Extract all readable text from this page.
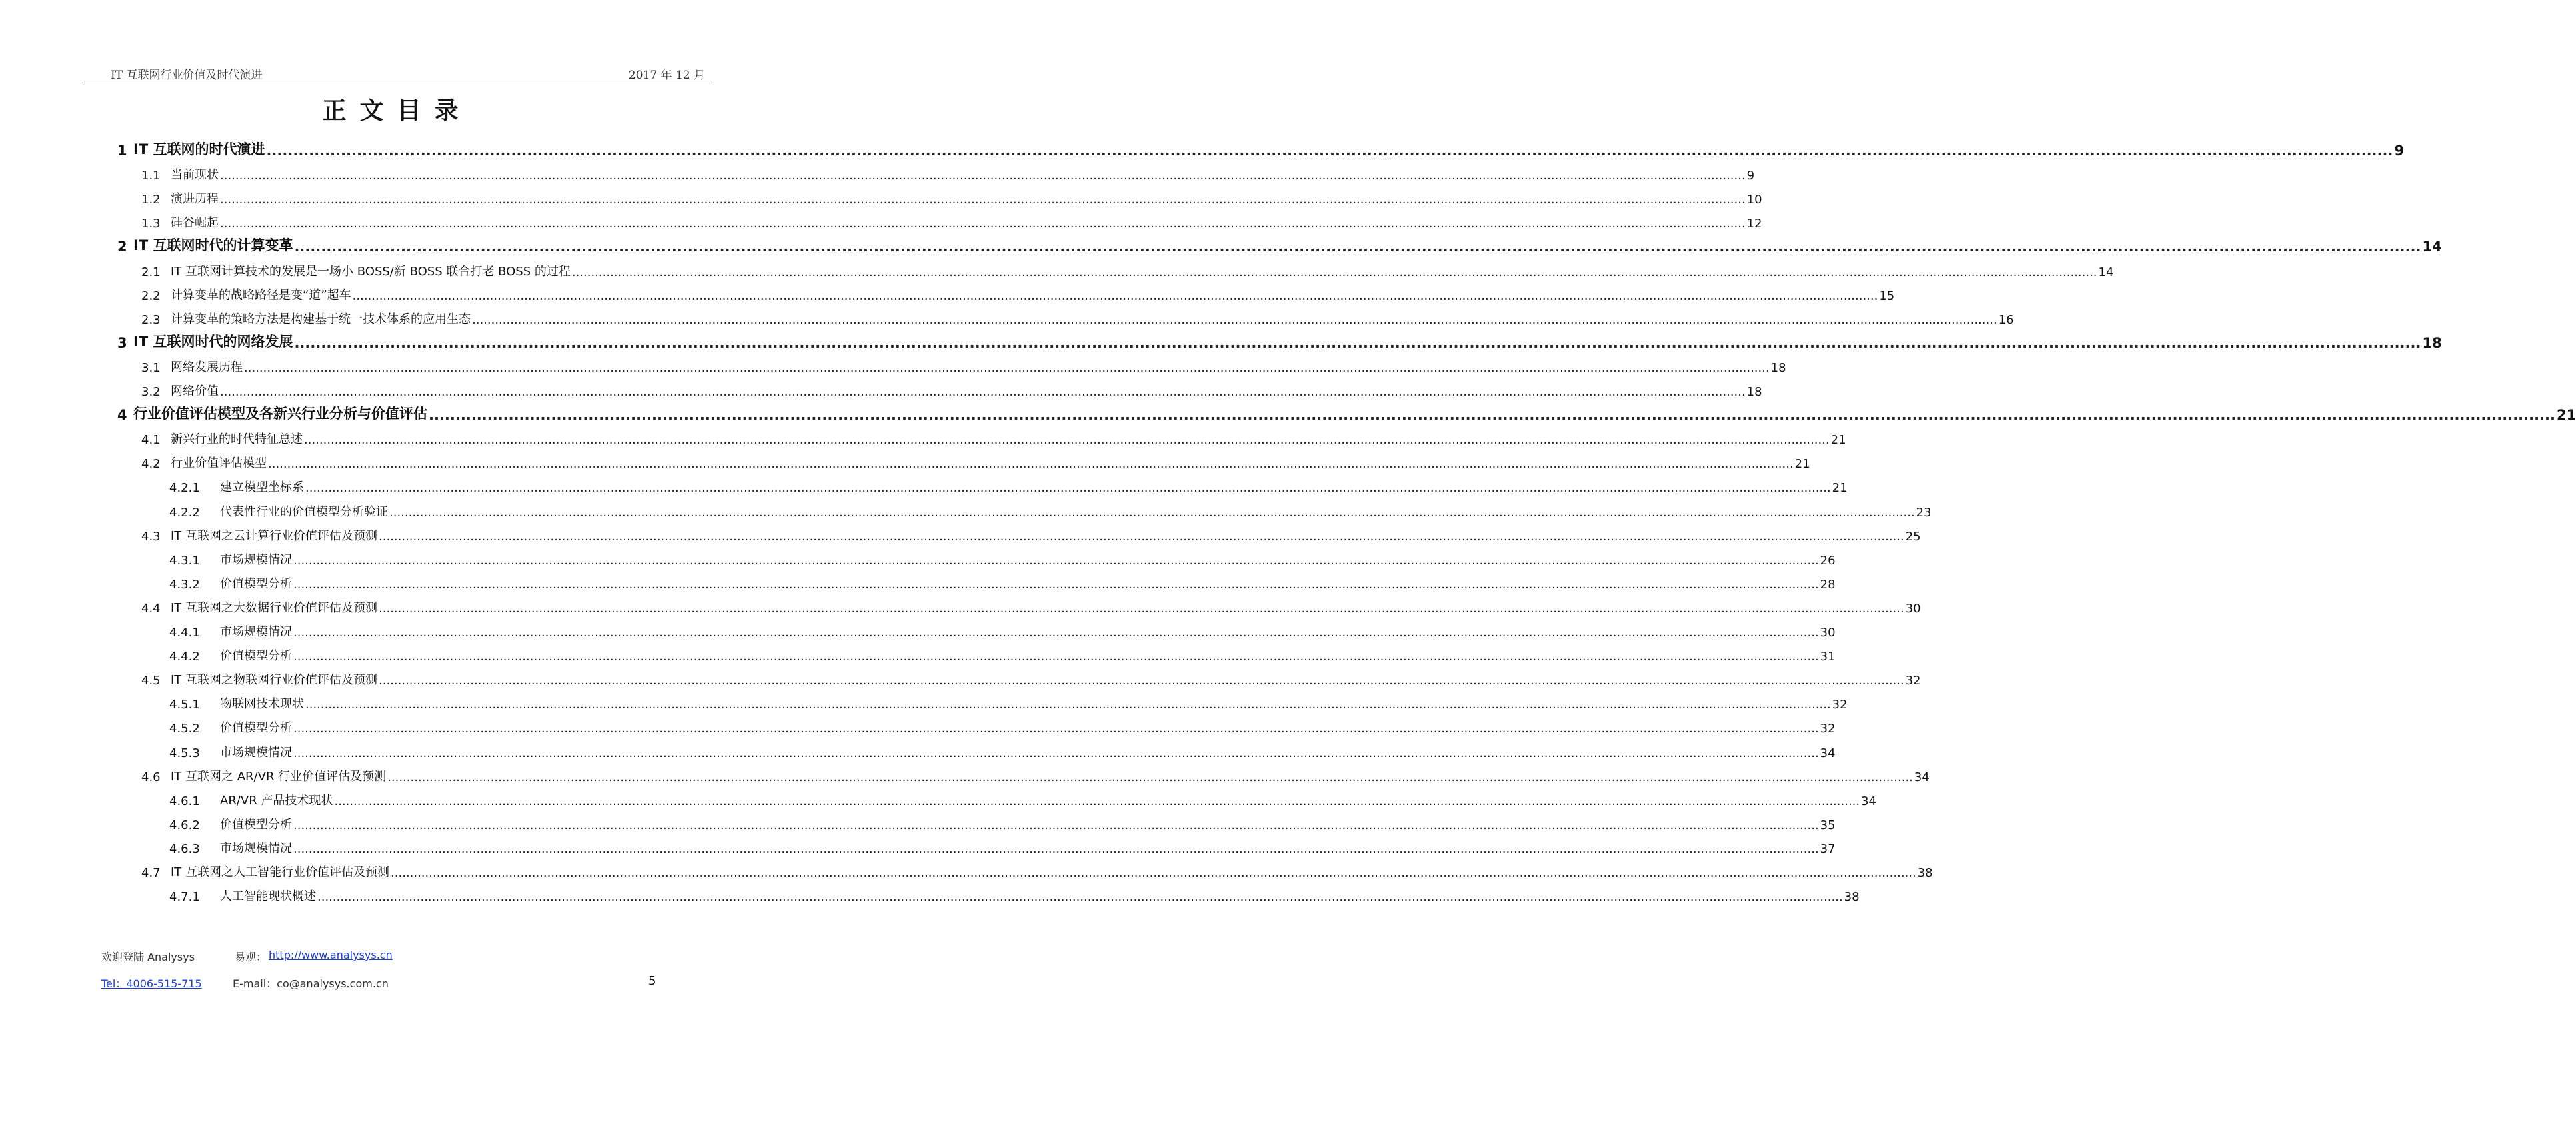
IT 互联网行业价值及时代演进	2017 年 12 月
正文目录
1 IT 互联网的时代演进 ................................................................................................................................................................................................................................................................................................................................................................................................................ 9
1.1 当前现状 ................................................................................................................................................................................................................................................................................................................................................................................................................ 9
1.2 演进历程 ................................................................................................................................................................................................................................................................................................................................................................................................................ 10
1.3 硅谷崛起 ................................................................................................................................................................................................................................................................................................................................................................................................................ 12
2 IT 互联网时代的计算变革 ................................................................................................................................................................................................................................................................................................................................................................................................................ 14
2.1 IT 互联网计算技术的发展是一场小 BOSS/新 BOSS 联合打老 BOSS 的过程 ................................................................................................................................................................................................................................................................................................................................................................................................................ 14
2.2 计算变革的战略路径是变“道”超车 ................................................................................................................................................................................................................................................................................................................................................................................................................ 15
2.3 计算变革的策略方法是构建基于统一技术体系的应用生态 ................................................................................................................................................................................................................................................................................................................................................................................................................ 16
3 IT 互联网时代的网络发展 ................................................................................................................................................................................................................................................................................................................................................................................................................ 18
3.1 网络发展历程 ................................................................................................................................................................................................................................................................................................................................................................................................................ 18
3.2 网络价值 ................................................................................................................................................................................................................................................................................................................................................................................................................ 18
4 行业价值评估模型及各新兴行业分析与价值评估 ................................................................................................................................................................................................................................................................................................................................................................................................................ 21
4.1 新兴行业的时代特征总述 ................................................................................................................................................................................................................................................................................................................................................................................................................ 21
4.2 行业价值评估模型 ................................................................................................................................................................................................................................................................................................................................................................................................................ 21
4.2.1	建立模型坐标系 ................................................................................................................................................................................................................................................................................................................................................................................................................ 21
4.2.2	代表性行业的价值模型分析验证 ................................................................................................................................................................................................................................................................................................................................................................................................................ 23
4.3 IT 互联网之云计算行业价值评估及预测 ................................................................................................................................................................................................................................................................................................................................................................................................................ 25
4.3.1	市场规模情况 ................................................................................................................................................................................................................................................................................................................................................................................................................ 26
4.3.2	价值模型分析 ................................................................................................................................................................................................................................................................................................................................................................................................................ 28
4.4 IT 互联网之大数据行业价值评估及预测 ................................................................................................................................................................................................................................................................................................................................................................................................................ 30
4.4.1	市场规模情况 ................................................................................................................................................................................................................................................................................................................................................................................................................ 30
4.4.2	价值模型分析 ................................................................................................................................................................................................................................................................................................................................................................................................................ 31
4.5 IT 互联网之物联网行业价值评估及预测 ................................................................................................................................................................................................................................................................................................................................................................................................................ 32
4.5.1	物联网技术现状 ................................................................................................................................................................................................................................................................................................................................................................................................................ 32
4.5.2	价值模型分析 ................................................................................................................................................................................................................................................................................................................................................................................................................ 32
4.5.3	市场规模情况 ................................................................................................................................................................................................................................................................................................................................................................................................................ 34
4.6 IT 互联网之 AR/VR 行业价值评估及预测 ................................................................................................................................................................................................................................................................................................................................................................................................................ 34
4.6.1	AR/VR 产品技术现状 ................................................................................................................................................................................................................................................................................................................................................................................................................ 34
4.6.2	价值模型分析 ................................................................................................................................................................................................................................................................................................................................................................................................................ 35
4.6.3	市场规模情况 ................................................................................................................................................................................................................................................................................................................................................................................................................ 37
4.7 IT 互联网之人工智能行业价值评估及预测 ................................................................................................................................................................................................................................................................................................................................................................................................................ 38
4.7.1	人工智能现状概述 ................................................................................................................................................................................................................................................................................................................................................................................................................ 38
欢迎登陆 Analysys	易观： http://www.analysys.cn
Tel：4006-515-715	E-mail：co@analysys.com.cn	5
